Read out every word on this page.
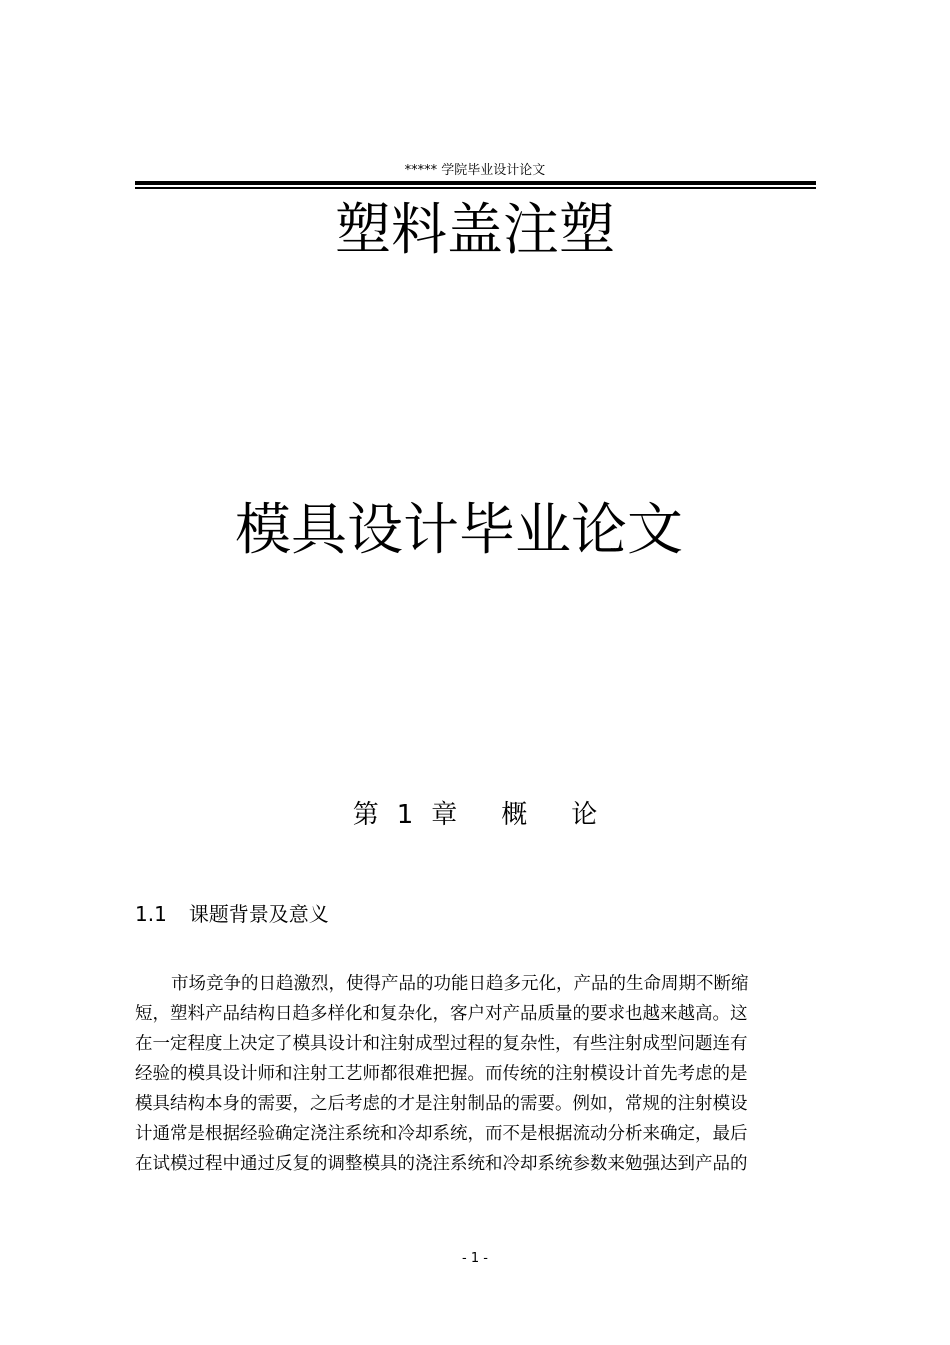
***** 学院毕业设计论文
塑料盖注塑
模具设计毕业论文
第 1 章 概 论
1.1 课题背景及意义
市场竞争的日趋激烈，使得产品的功能日趋多元化，产品的生命周期不断缩
短，塑料产品结构日趋多样化和复杂化，客户对产品质量的要求也越来越高。这
在一定程度上决定了模具设计和注射成型过程的复杂性，有些注射成型问题连有
经验的模具设计师和注射工艺师都很难把握。而传统的注射模设计首先考虑的是
模具结构本身的需要，之后考虑的才是注射制品的需要。例如，常规的注射模设
计通常是根据经验确定浇注系统和冷却系统，而不是根据流动分析来确定，最后
在试模过程中通过反复的调整模具的浇注系统和冷却系统参数来勉强达到产品的
- 1 -
